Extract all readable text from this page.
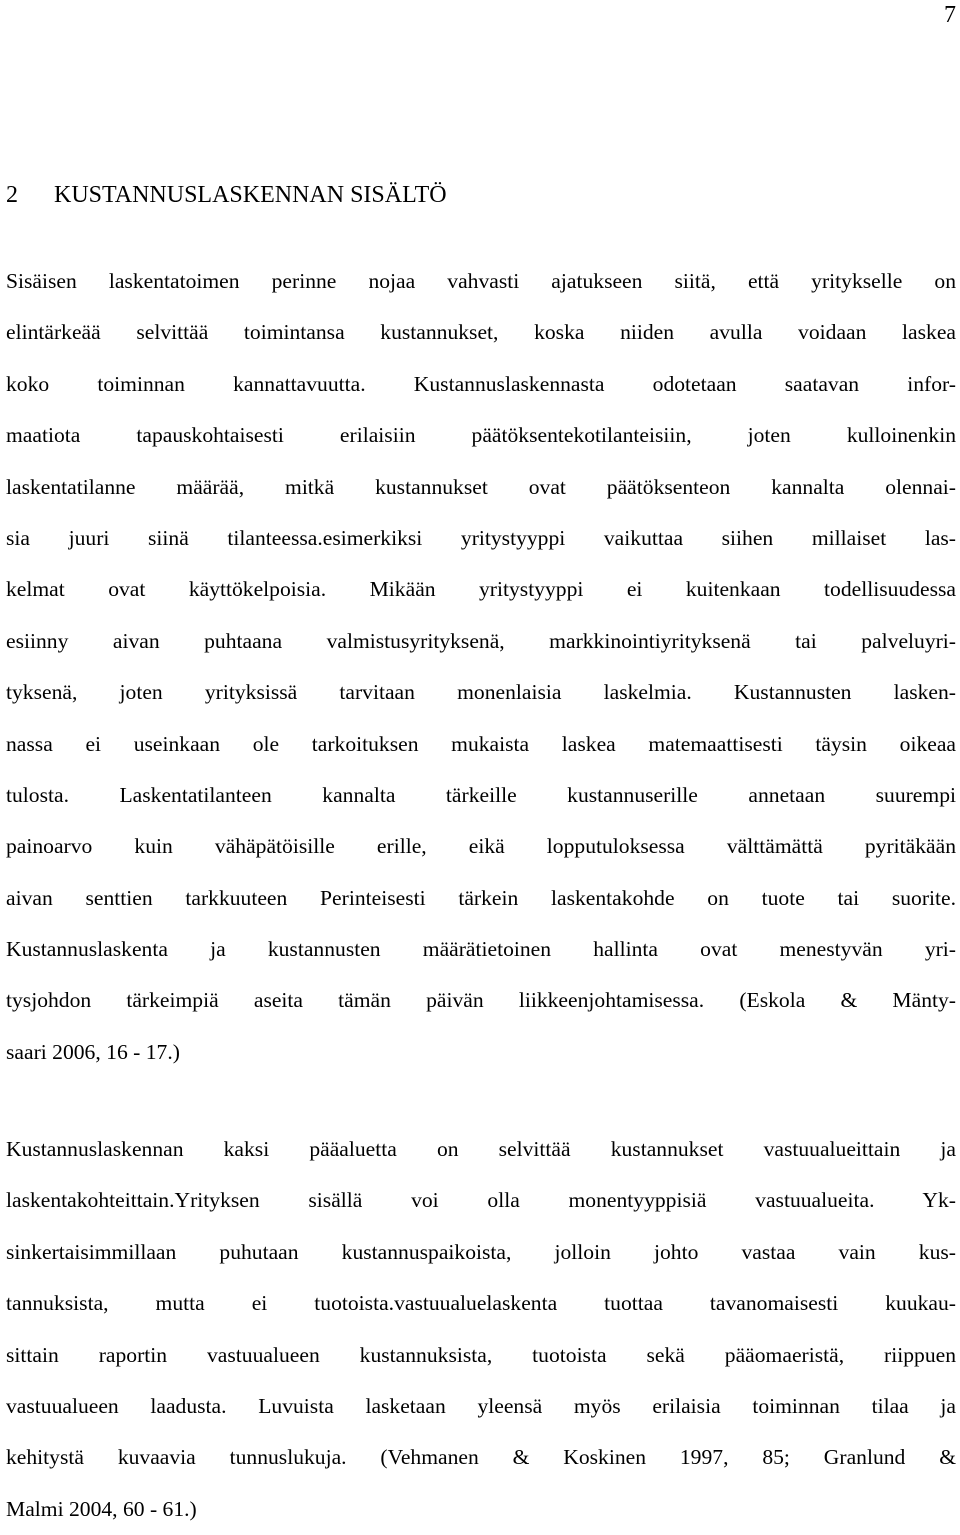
7
2 KUSTANNUSLASKENNAN SISÄLTÖ
Sisäisen laskentatoimen perinne nojaa vahvasti ajatukseen siitä, että yritykselle on
elintärkeää selvittää toimintansa kustannukset, koska niiden avulla voidaan laskea
koko toiminnan kannattavuutta. Kustannuslaskennasta odotetaan saatavan infor-
maatiota tapauskohtaisesti erilaisiin päätöksentekotilanteisiin, joten kulloinenkin
laskentatilanne määrää, mitkä kustannukset ovat päätöksenteon kannalta olennai-
sia juuri siinä tilanteessa.esimerkiksi yritystyyppi vaikuttaa siihen millaiset las-
kelmat ovat käyttökelpoisia. Mikään yritystyyppi ei kuitenkaan todellisuudessa
esiinny aivan puhtaana valmistusyrityksenä, markkinointiyrityksenä tai palveluyri-
tyksenä, joten yrityksissä tarvitaan monenlaisia laskelmia. Kustannusten lasken-
nassa ei useinkaan ole tarkoituksen mukaista laskea matemaattisesti täysin oikeaa
tulosta. Laskentatilanteen kannalta tärkeille kustannuserille annetaan suurempi
painoarvo kuin vähäpätöisille erille, eikä lopputuloksessa välttämättä pyritäkään
aivan senttien tarkkuuteen Perinteisesti tärkein laskentakohde on tuote tai suorite.
Kustannuslaskenta ja kustannusten määrätietoinen hallinta ovat menestyvän yri-
tysjohdon tärkeimpiä aseita tämän päivän liikkeenjohtamisessa. (Eskola & Mänty-
saari 2006, 16 - 17.)
Kustannuslaskennan kaksi pääaluetta on selvittää kustannukset vastuualueittain ja
laskentakohteittain.Yrityksen sisällä voi olla monentyyppisiä vastuualueita. Yk-
sinkertaisimmillaan puhutaan kustannuspaikoista, jolloin johto vastaa vain kus-
tannuksista, mutta ei tuotoista.vastuualuelaskenta tuottaa tavanomaisesti kuukau-
sittain raportin vastuualueen kustannuksista, tuotoista sekä pääomaeristä, riippuen
vastuualueen laadusta. Luvuista lasketaan yleensä myös erilaisia toiminnan tilaa ja
kehitystä kuvaavia tunnuslukuja. (Vehmanen & Koskinen 1997, 85; Granlund &
Malmi 2004, 60 - 61.)
